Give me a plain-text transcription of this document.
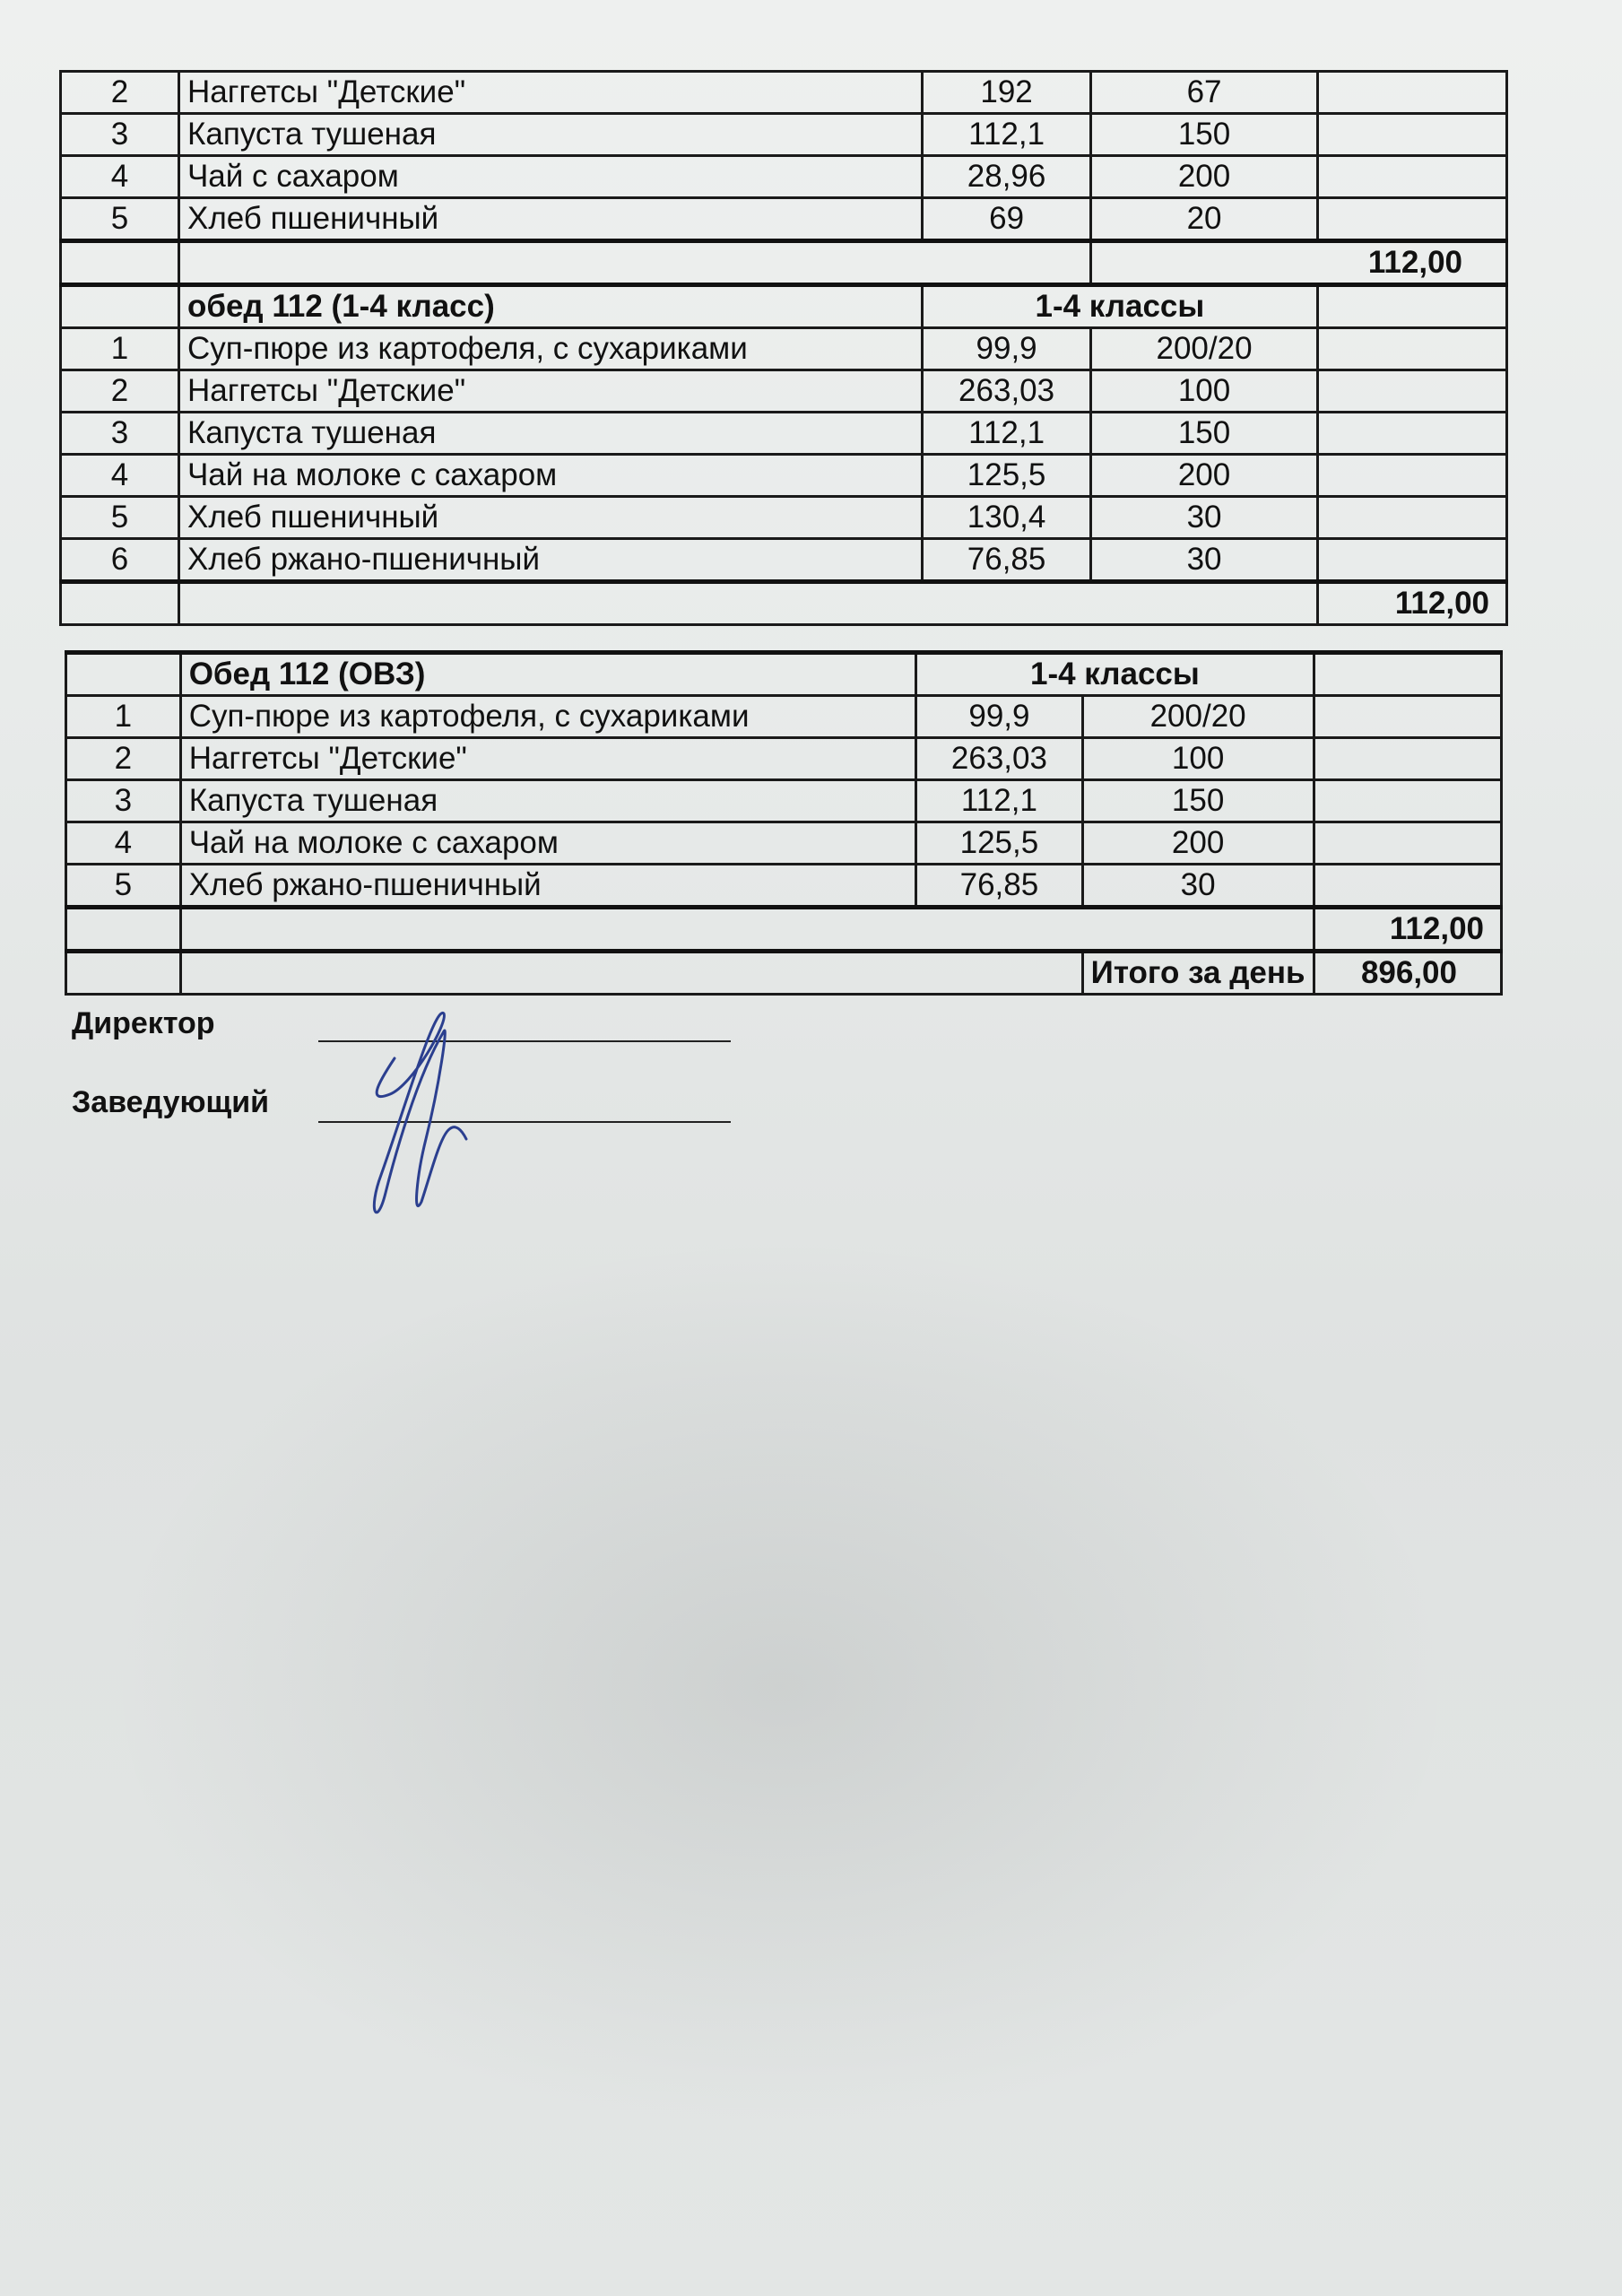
2	Наггетсы "Детские"	192	67	
3	Капуста тушеная	112,1	150	
4	Чай с сахаром	28,96	200	
5	Хлеб пшеничный	69	20	
			112,00	
	обед 112 (1-4 класс)	1-4 классы		
1	Суп-пюре из картофеля, с сухариками	99,9	200/20	
2	Наггетсы "Детские"	263,03	100	
3	Капуста тушеная	112,1	150	
4	Чай на молоке с сахаром	125,5	200	
5	Хлеб пшеничный	130,4	30	
6	Хлеб ржано-пшеничный	76,85	30	
				112,00
	Обед 112 (ОВЗ)	1-4 классы		
1	Суп-пюре из картофеля, с сухариками	99,9	200/20	
2	Наггетсы "Детские"	263,03	100	
3	Капуста тушеная	112,1	150	
4	Чай на молоке с сахаром	125,5	200	
5	Хлеб ржано-пшеничный	76,85	30	
				112,00
			Итого за день	896,00
Директор
Заведующий
